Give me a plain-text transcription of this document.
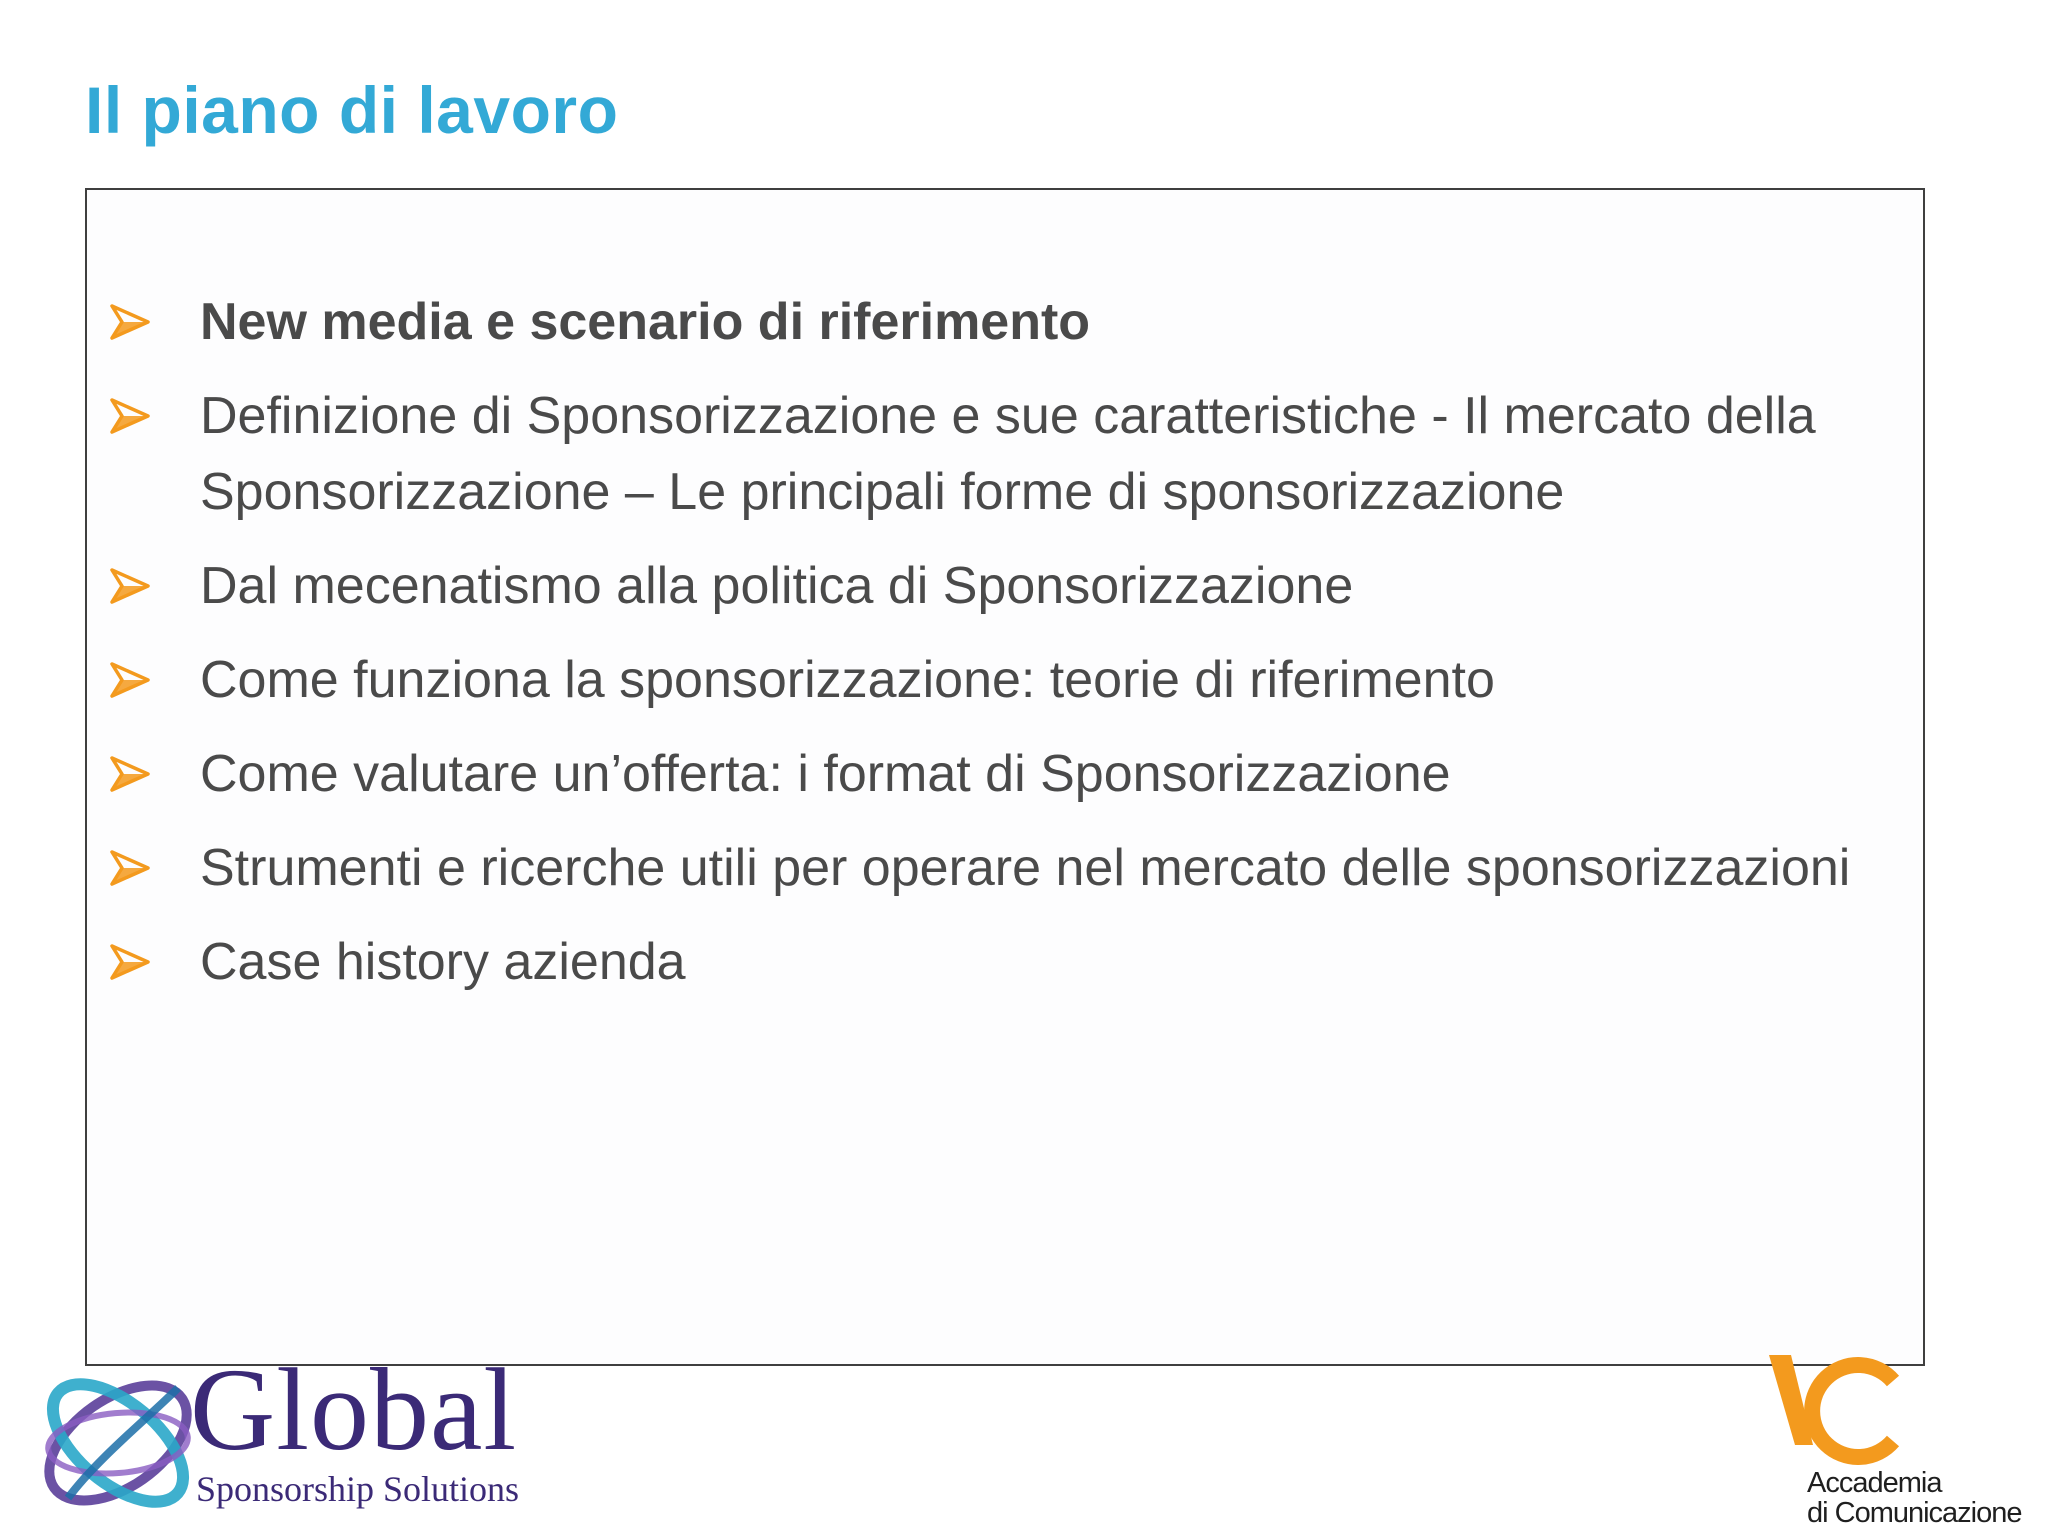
Il piano di lavoro
New media e scenario di riferimento
Definizione di Sponsorizzazione e sue caratteristiche - Il mercato della Sponsorizzazione – Le principali forme di sponsorizzazione
Dal mecenatismo alla politica di Sponsorizzazione
Come funziona la sponsorizzazione: teorie di riferimento
Come valutare un’offerta: i format di Sponsorizzazione
Strumenti e ricerche utili per operare nel mercato delle sponsorizzazioni
Case history azienda
Global
Sponsorship Solutions	Accademia
di Comunicazione
